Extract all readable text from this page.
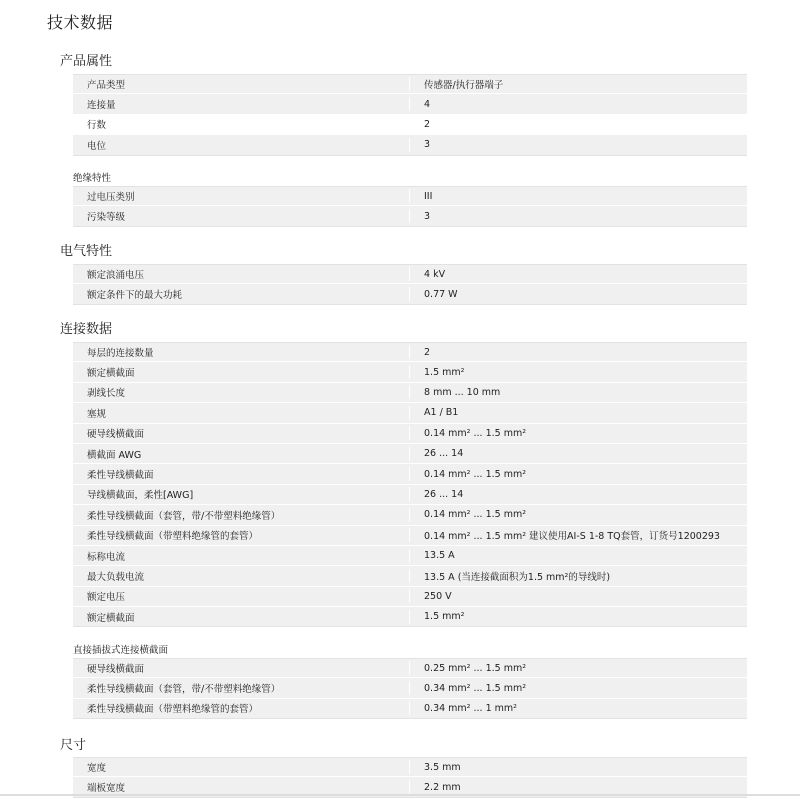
技术数据
产品属性
产品类型	传感器/执行器端子
连接量	4
行数	2
电位	3
绝缘特性
过电压类别	III
污染等级	3
电气特性
额定浪涌电压	4 kV
额定条件下的最大功耗	0.77 W
连接数据
每层的连接数量	2
额定横截面	1.5 mm²
剥线长度	8 mm ... 10 mm
塞规	A1 / B1
硬导线横截面	0.14 mm² ... 1.5 mm²
横截面 AWG	26 ... 14
柔性导线横截面	0.14 mm² ... 1.5 mm²
导线横截面，柔性[AWG]	26 ... 14
柔性导线横截面（套管，带/不带塑料绝缘管）	0.14 mm² ... 1.5 mm²
柔性导线横截面（带塑料绝缘管的套管）	0.14 mm² ... 1.5 mm² 建议使用AI-S 1-8 TQ套管，订货号1200293
标称电流	13.5 A
最大负载电流	13.5 A (当连接截面积为1.5 mm²的导线时)
额定电压	250 V
额定横截面	1.5 mm²
直接插拔式连接横截面
硬导线横截面	0.25 mm² ... 1.5 mm²
柔性导线横截面（套管，带/不带塑料绝缘管）	0.34 mm² ... 1.5 mm²
柔性导线横截面（带塑料绝缘管的套管）	0.34 mm² ... 1 mm²
尺寸
宽度	3.5 mm
端板宽度	2.2 mm
